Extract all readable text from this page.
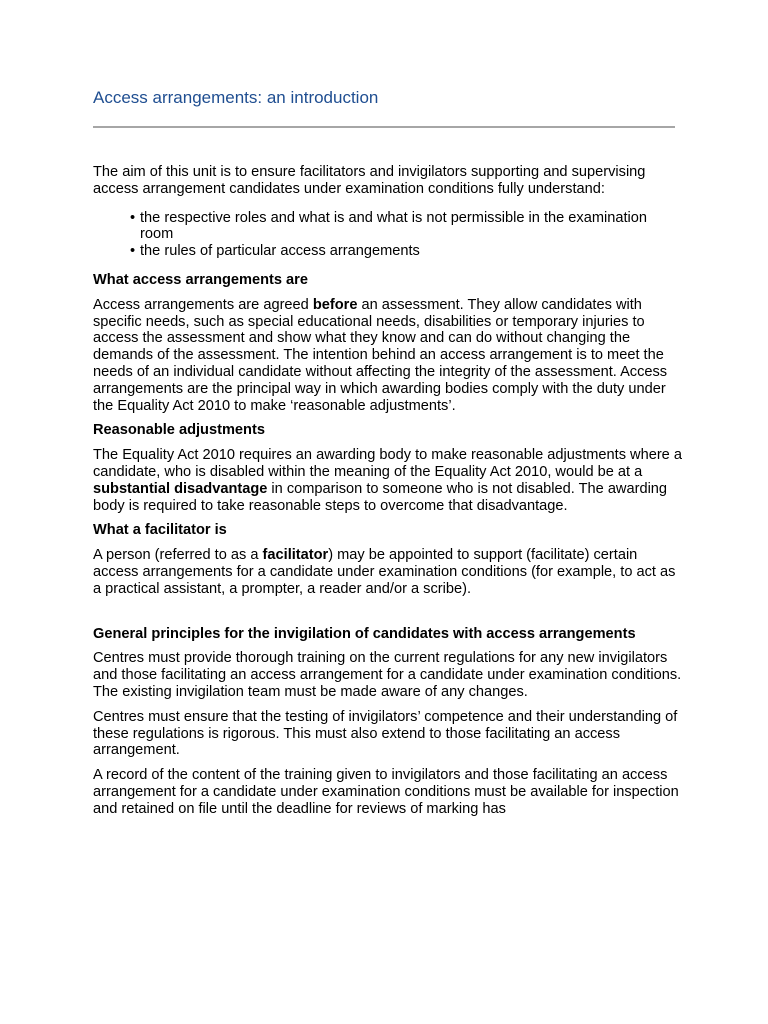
Access arrangements: an introduction

The aim of this unit is to ensure facilitators and invigilators supporting and supervising access arrangement candidates under examination conditions fully understand:

• the respective roles and what is and what is not permissible in the examination room
• the rules of particular access arrangements

What access arrangements are

Access arrangements are agreed before an assessment. They allow candidates with specific needs, such as special educational needs, disabilities or temporary injuries to access the assessment and show what they know and can do without changing the demands of the assessment. The intention behind an access arrangement is to meet the needs of an individual candidate without affecting the integrity of the assessment. Access arrangements are the principal way in which awarding bodies comply with the duty under the Equality Act 2010 to make ‘reasonable adjustments’.

Reasonable adjustments

The Equality Act 2010 requires an awarding body to make reasonable adjustments where a candidate, who is disabled within the meaning of the Equality Act 2010, would be at a substantial disadvantage in comparison to someone who is not disabled. The awarding body is required to take reasonable steps to overcome that disadvantage.

What a facilitator is

A person (referred to as a facilitator) may be appointed to support (facilitate) certain access arrangements for a candidate under examination conditions (for example, to act as a practical assistant, a prompter, a reader and/or a scribe).

General principles for the invigilation of candidates with access arrangements

Centres must provide thorough training on the current regulations for any new invigilators and those facilitating an access arrangement for a candidate under examination conditions. The existing invigilation team must be made aware of any changes.

Centres must ensure that the testing of invigilators’ competence and their understanding of these regulations is rigorous. This must also extend to those facilitating an access arrangement.

A record of the content of the training given to invigilators and those facilitating an access arrangement for a candidate under examination conditions must be available for inspection and retained on file until the deadline for reviews of marking has
